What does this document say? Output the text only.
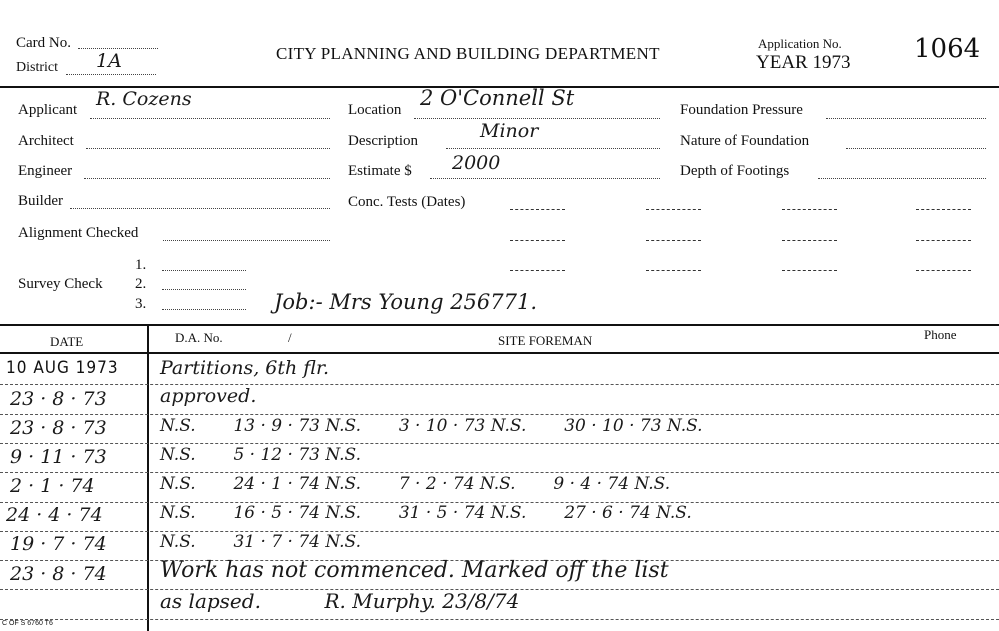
Card No.
District 1A	CITY PLANNING AND BUILDING DEPARTMENT
Application No.
YEAR 1973 1064
Applicant R. Cozens
Architect
Engineer
Builder
Alignment Checked
Survey Check
1.
2.
3.
Location 2 O'Connell St
Description	Minor
Estimate $ 2000
Conc. Tests (Dates)
Foundation Pressure
Nature of Foundation
Depth of Footings
Job:- Mrs Young 256771.
DATE	D.A. No.	/	SITE FOREMAN	Phone
10 AUG 1973 Partitions, 6th flr.
23 · 8 · 73	approved.
23 · 8 · 73	N.S.       13 · 9 · 73 N.S.       3 · 10 · 73 N.S.       30 · 10 · 73 N.S.
9 · 11 · 73	N.S.       5 · 12 · 73 N.S.
2 · 1 · 74	N.S.       24 · 1 · 74 N.S.       7 · 2 · 74 N.S.       9 · 4 · 74 N.S.
24 · 4 · 74	N.S.       16 · 5 · 74 N.S.       31 · 5 · 74 N.S.       27 · 6 · 74 N.S.
19 · 7 · 74	N.S.       31 · 7 · 74 N.S.
23 · 8 · 74 Work has not commenced. Marked off the list
as lapsed.          R. Murphy. 23/8/74
C OF S 6760 T6
